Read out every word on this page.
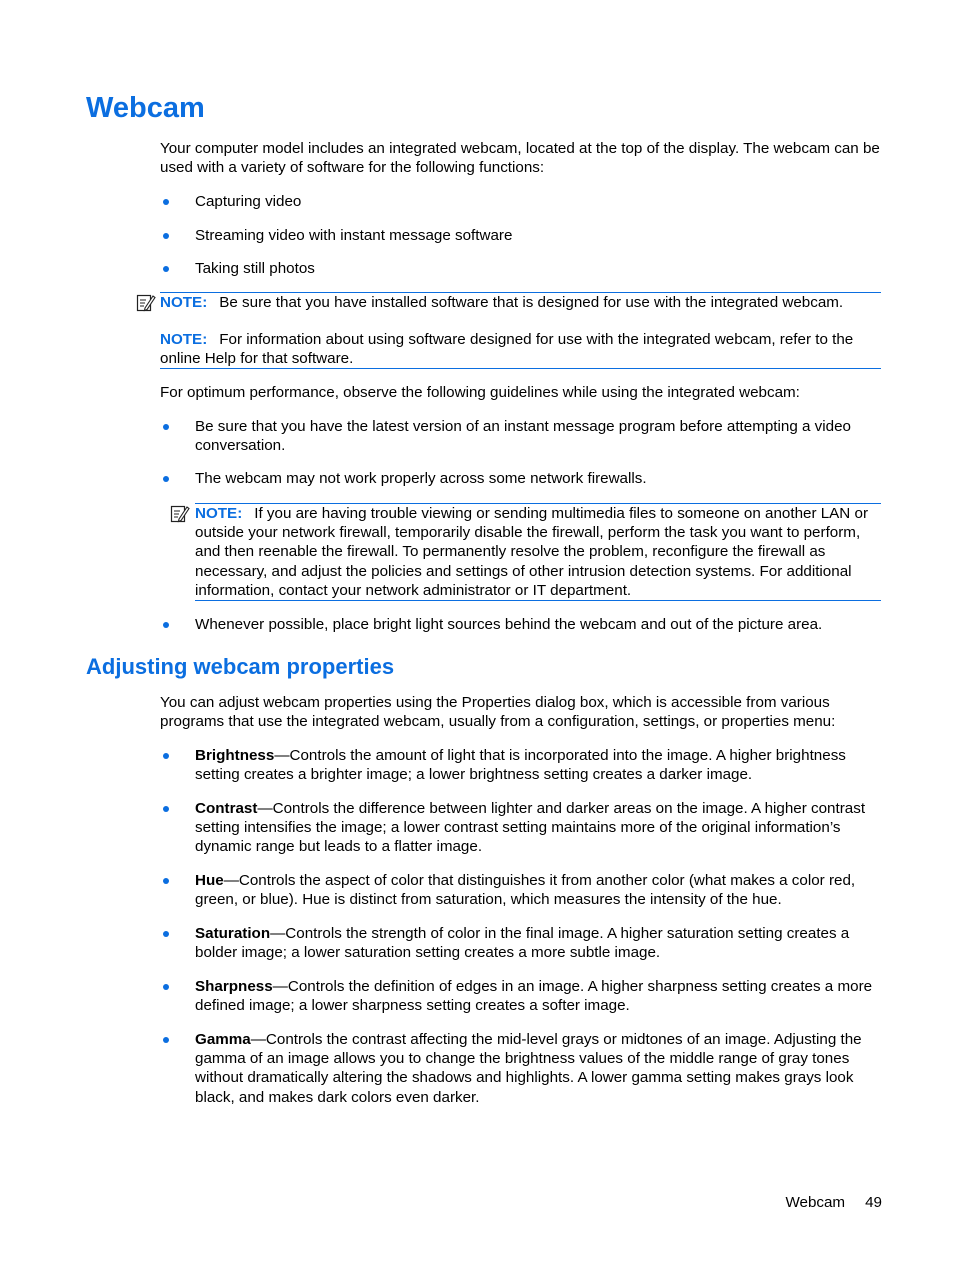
Webcam

Your computer model includes an integrated webcam, located at the top of the display. The webcam can be used with a variety of software for the following functions:

Capturing video
Streaming video with instant message software
Taking still photos
NOTE: Be sure that you have installed software that is designed for use with the integrated webcam.
NOTE: For information about using software designed for use with the integrated webcam, refer to the online Help for that software.

For optimum performance, observe the following guidelines while using the integrated webcam:

Be sure that you have the latest version of an instant message program before attempting a video conversation.
The webcam may not work properly across some network firewalls.
NOTE: If you are having trouble viewing or sending multimedia files to someone on another LAN or outside your network firewall, temporarily disable the firewall, perform the task you want to perform, and then reenable the firewall. To permanently resolve the problem, reconfigure the firewall as necessary, and adjust the policies and settings of other intrusion detection systems. For additional information, contact your network administrator or IT department.
Whenever possible, place bright light sources behind the webcam and out of the picture area.
Adjusting webcam properties

You can adjust webcam properties using the Properties dialog box, which is accessible from various programs that use the integrated webcam, usually from a configuration, settings, or properties menu:

Brightness—Controls the amount of light that is incorporated into the image. A higher brightness setting creates a brighter image; a lower brightness setting creates a darker image.
Contrast—Controls the difference between lighter and darker areas on the image. A higher contrast setting intensifies the image; a lower contrast setting maintains more of the original information’s dynamic range but leads to a flatter image.
Hue—Controls the aspect of color that distinguishes it from another color (what makes a color red, green, or blue). Hue is distinct from saturation, which measures the intensity of the hue.
Saturation—Controls the strength of color in the final image. A higher saturation setting creates a bolder image; a lower saturation setting creates a more subtle image.
Sharpness—Controls the definition of edges in an image. A higher sharpness setting creates a more defined image; a lower sharpness setting creates a softer image.
Gamma—Controls the contrast affecting the mid-level grays or midtones of an image. Adjusting the gamma of an image allows you to change the brightness values of the middle range of gray tones without dramatically altering the shadows and highlights. A lower gamma setting makes grays look black, and makes dark colors even darker.
Webcam 49
